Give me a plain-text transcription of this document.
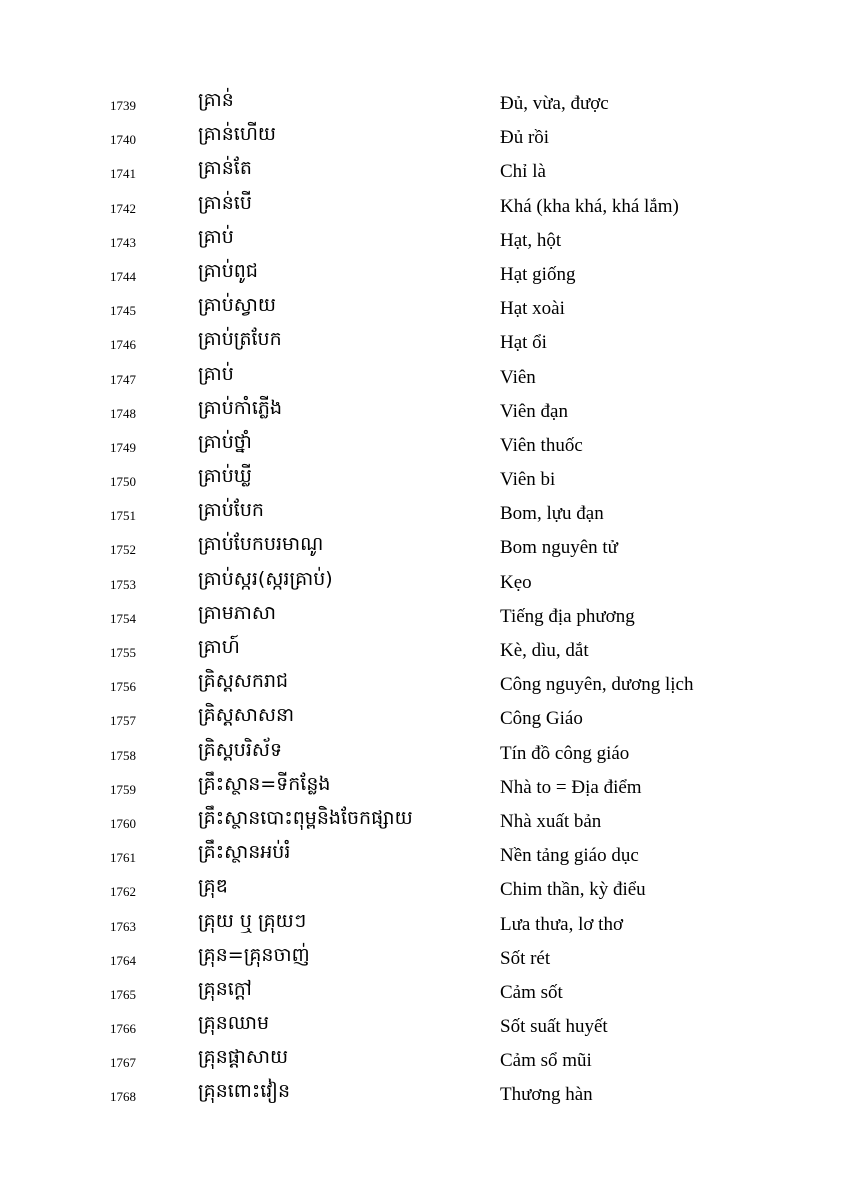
1739	គ្រាន់	Đủ, vừa, được
1740	គ្រាន់ហើយ	Đủ rồi
1741	គ្រាន់តែ	Chỉ là
1742	គ្រាន់បើ	Khá (kha khá, khá lắm)
1743	គ្រាប់	Hạt, hột
1744	គ្រាប់ពូជ	Hạt giống
1745	គ្រាប់ស្វាយ	Hạt xoài
1746	គ្រាប់ត្របែក	Hạt ổi
1747	គ្រាប់	Viên
1748	គ្រាប់កាំភ្លើង	Viên đạn
1749	គ្រាប់ថ្នាំ	Viên thuốc
1750	គ្រាប់ឃ្លី	Viên bi
1751	គ្រាប់បែក	Bom, lựu đạn
1752	គ្រាប់បែកបរមាណូ	Bom nguyên tử
1753	គ្រាប់ស្ករ(ស្ករគ្រាប់)	Kẹo
1754	គ្រាមភាសា	Tiếng địa phương
1755	គ្រាហ៍	Kè, dìu, dắt
1756	គ្រិស្តសករាជ	Công nguyên, dương lịch
1757	គ្រិស្តសាសនា	Công Giáo
1758	គ្រិស្តបរិស័ទ	Tín đồ công giáo
1759	គ្រឹះស្ថាន=ទីកន្លែង	Nhà to = Địa điểm
1760	គ្រឹះស្ថានបោះពុម្ពនិងចែកផ្សាយ	Nhà xuất bản
1761	គ្រឹះស្ថានអប់រំ	Nền tảng giáo dục
1762	គ្រុឌ	Chim thần, kỳ điểu
1763	គ្រុយ ឬ គ្រុយៗ	Lưa thưa, lơ thơ
1764	គ្រុន=គ្រុនចាញ់	Sốt rét
1765	គ្រុនក្ដៅ	Cảm sốt
1766	គ្រុនឈាម	Sốt suất huyết
1767	គ្រុនផ្ដាសាយ	Cảm sổ mũi
1768	គ្រុនពោះវៀន	Thương hàn
